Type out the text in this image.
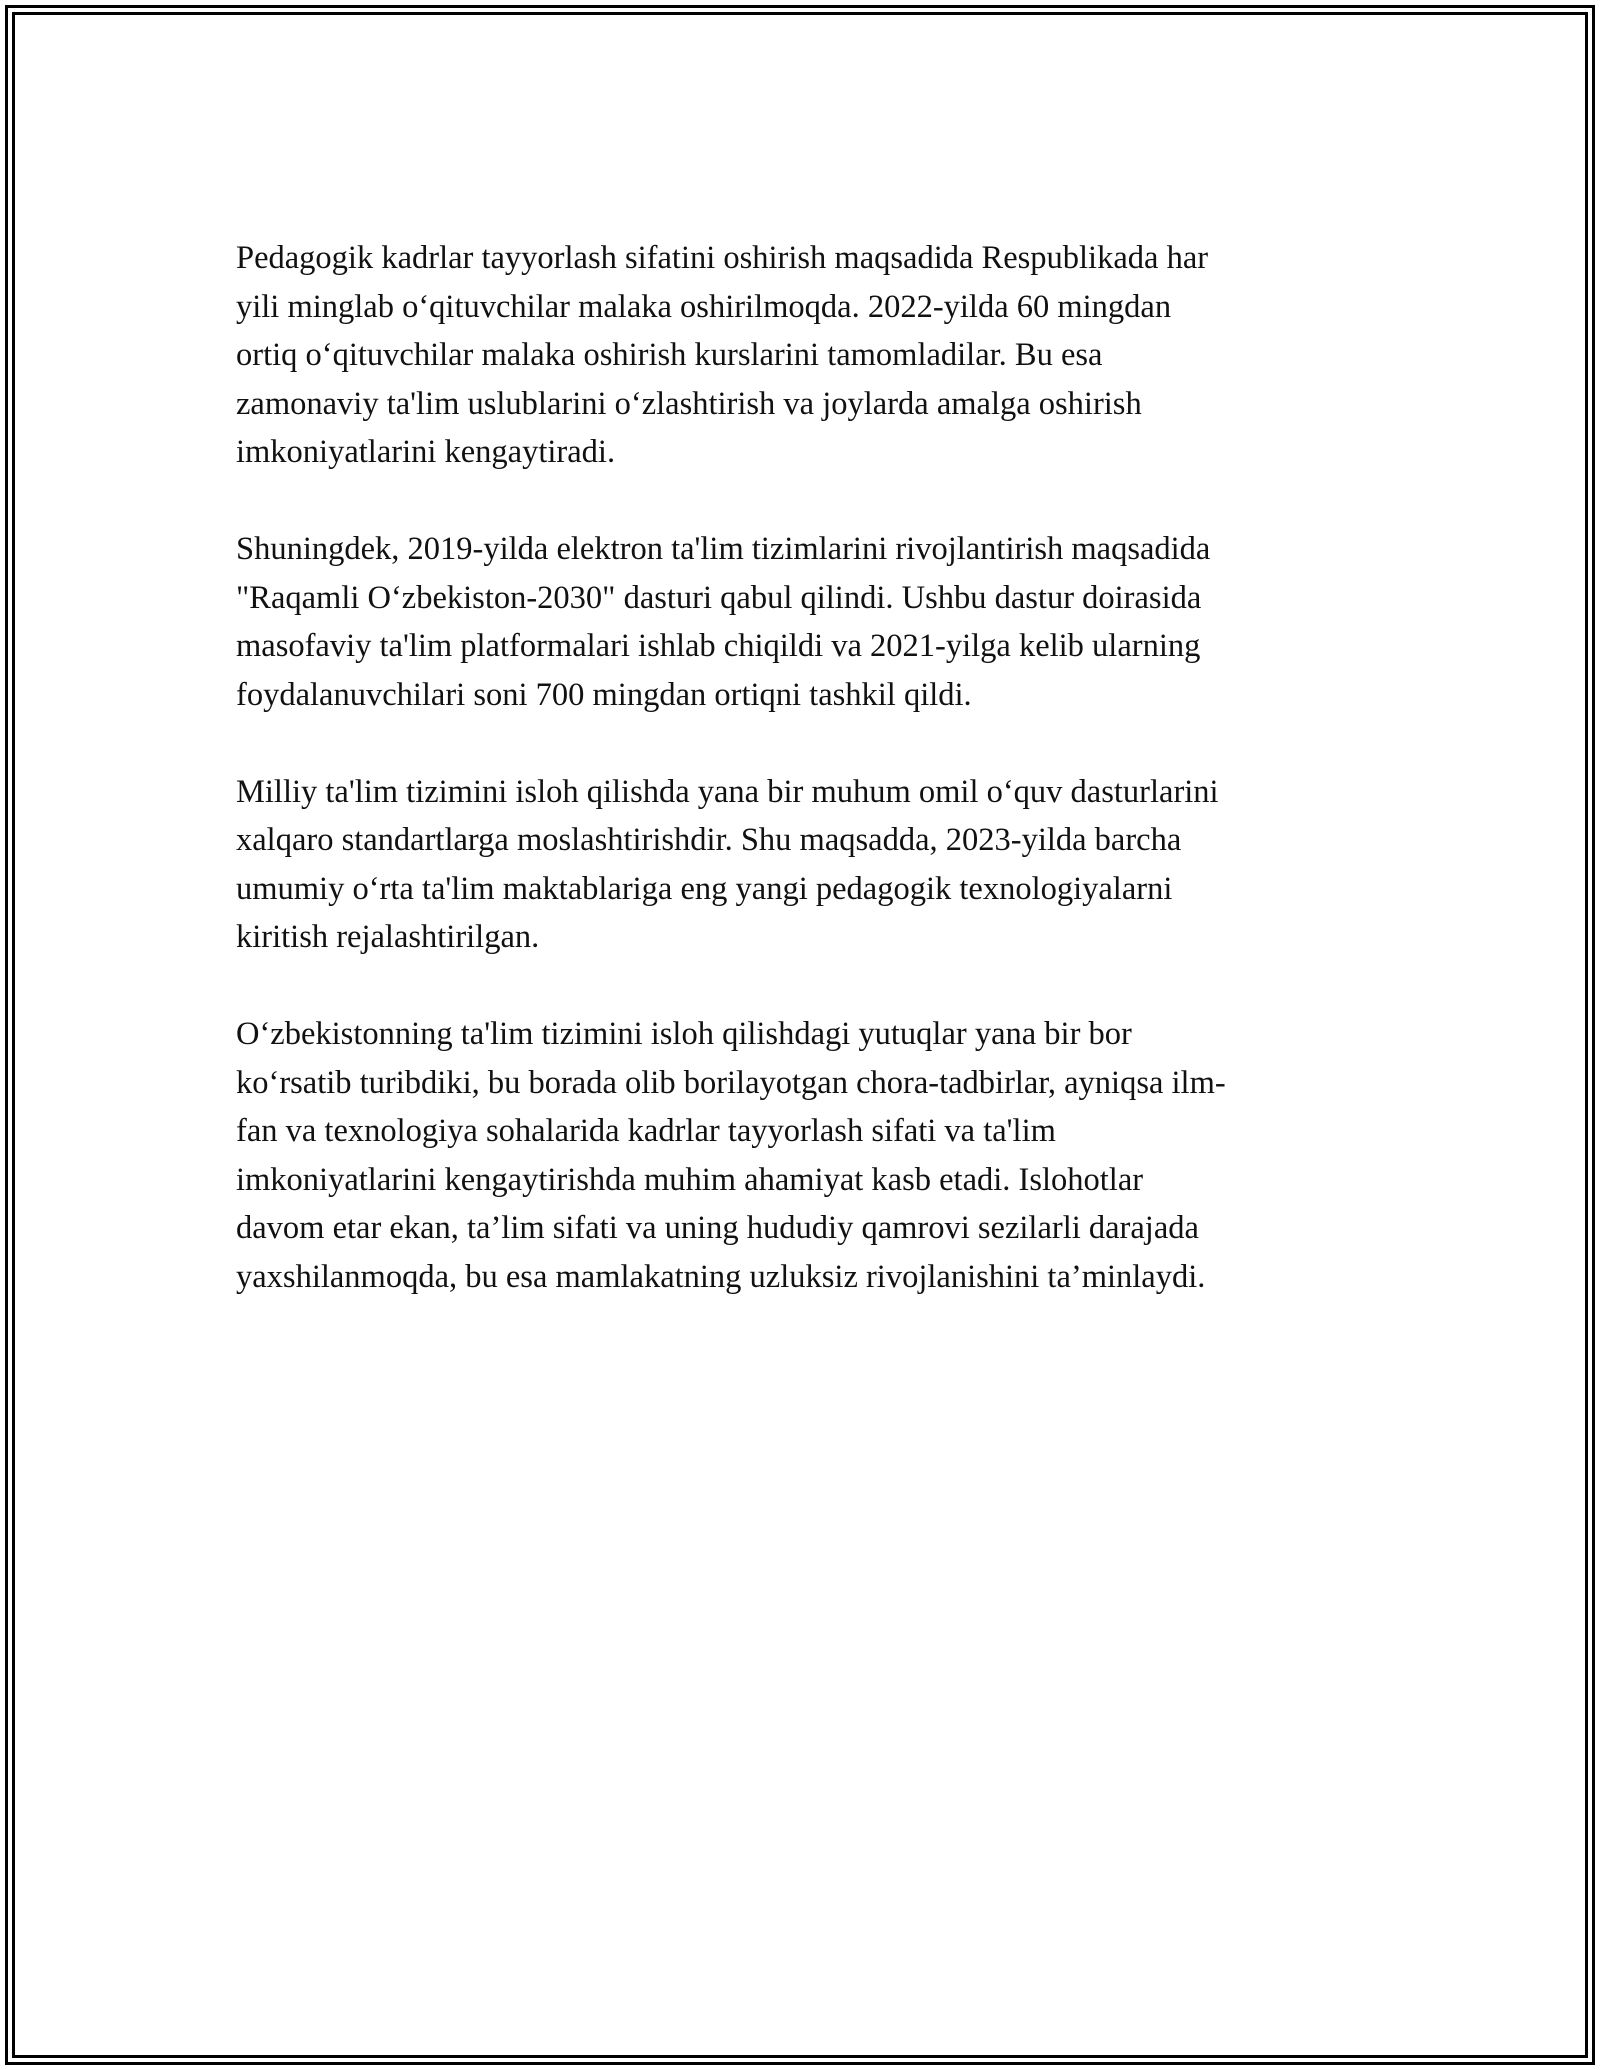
Pedagogik kadrlar tayyorlash sifatini oshirish maqsadida Respublikada har
yili minglab o‘qituvchilar malaka oshirilmoqda. 2022-yilda 60 mingdan
ortiq o‘qituvchilar malaka oshirish kurslarini tamomladilar. Bu esa
zamonaviy ta'lim uslublarini o‘zlashtirish va joylarda amalga oshirish
imkoniyatlarini kengaytiradi.

Shuningdek, 2019-yilda elektron ta'lim tizimlarini rivojlantirish maqsadida
"Raqamli O‘zbekiston-2030" dasturi qabul qilindi. Ushbu dastur doirasida
masofaviy ta'lim platformalari ishlab chiqildi va 2021-yilga kelib ularning
foydalanuvchilari soni 700 mingdan ortiqni tashkil qildi.

Milliy ta'lim tizimini isloh qilishda yana bir muhum omil o‘quv dasturlarini
xalqaro standartlarga moslashtirishdir. Shu maqsadda, 2023-yilda barcha
umumiy o‘rta ta'lim maktablariga eng yangi pedagogik texnologiyalarni
kiritish rejalashtirilgan.

O‘zbekistonning ta'lim tizimini isloh qilishdagi yutuqlar yana bir bor
ko‘rsatib turibdiki, bu borada olib borilayotgan chora-tadbirlar, ayniqsa ilm-
fan va texnologiya sohalarida kadrlar tayyorlash sifati va ta'lim
imkoniyatlarini kengaytirishda muhim ahamiyat kasb etadi. Islohotlar
davom etar ekan, ta’lim sifati va uning hududiy qamrovi sezilarli darajada
yaxshilanmoqda, bu esa mamlakatning uzluksiz rivojlanishini ta’minlaydi.
